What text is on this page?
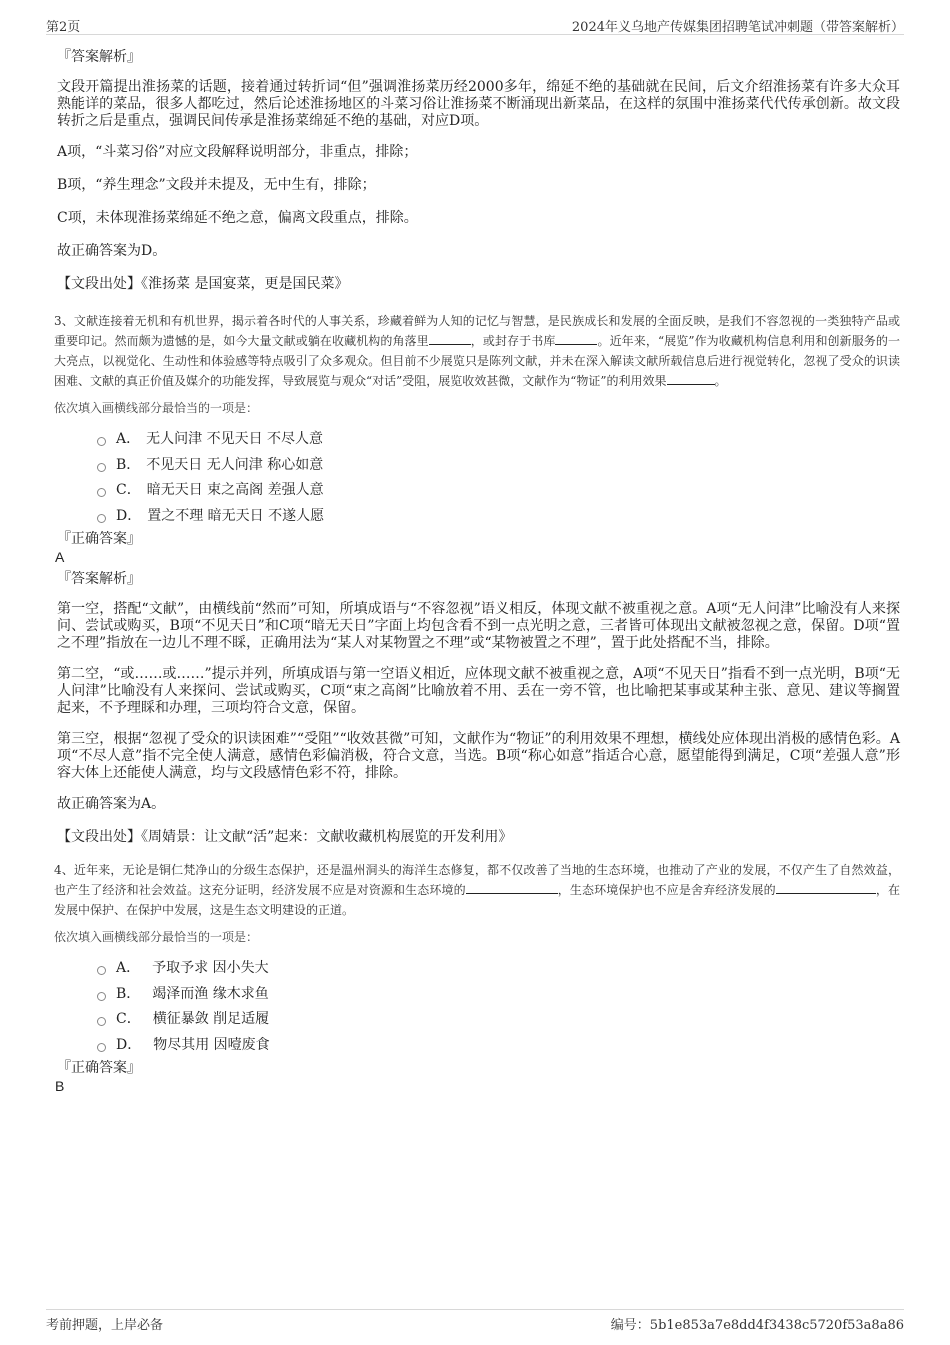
第2页	2024年义乌地产传媒集团招聘笔试冲刺题（带答案解析）

『答案解析』

文段开篇提出淮扬菜的话题，接着通过转折词“但”强调淮扬菜历经2000多年，绵延不绝的基础就在民间，后文介绍淮扬菜有许多大众耳熟能详的菜品，很多人都吃过，然后论述淮扬地区的斗菜习俗让淮扬菜不断涌现出新菜品，在这样的氛围中淮扬菜代代传承创新。故文段转折之后是重点，强调民间传承是淮扬菜绵延不绝的基础，对应D项。

A项，“斗菜习俗”对应文段解释说明部分，非重点，排除；

B项，“养生理念”文段并未提及，无中生有，排除；

C项，未体现淮扬菜绵延不绝之意，偏离文段重点，排除。

故正确答案为D。

【文段出处】《淮扬菜 是国宴菜，更是国民菜》

3、文献连接着无机和有机世界，揭示着各时代的人事关系，珍藏着鲜为人知的记忆与智慧，是民族成长和发展的全面反映，是我们不容忽视的一类独特产品或重要印记。然而颇为遗憾的是，如今大量文献或躺在收藏机构的角落里	，或封存于书库	。近年来，“展览”作为收藏机构信息利用和创新服务的一大亮点，以视觉化、生动性和体验感等特点吸引了众多观众。但目前不少展览只是陈列文献，并未在深入解读文献所载信息后进行视觉转化，忽视了受众的识读困难、文献的真正价值及媒介的功能发挥，导致展览与观众“对话”受阻，展览收效甚微，文献作为“物证”的利用效果	。

依次填入画横线部分最恰当的一项是：

A． 无人问津 不见天日 不尽人意
B． 不见天日 无人问津 称心如意
C． 暗无天日 束之高阁 差强人意
D． 置之不理 暗无天日 不遂人愿

『正确答案』

A

『答案解析』

第一空，搭配“文献”，由横线前“然而”可知，所填成语与“不容忽视”语义相反，体现文献不被重视之意。A项“无人问津”比喻没有人来探问、尝试或购买，B项“不见天日”和C项“暗无天日”字面上均包含看不到一点光明之意，三者皆可体现出文献被忽视之意，保留。D项“置之不理”指放在一边儿不理不睬，正确用法为“某人对某物置之不理”或“某物被置之不理”，置于此处搭配不当，排除。

第二空，“或……或……”提示并列，所填成语与第一空语义相近，应体现文献不被重视之意，A项“不见天日”指看不到一点光明，B项“无人问津”比喻没有人来探问、尝试或购买，C项“束之高阁”比喻放着不用、丢在一旁不管，也比喻把某事或某种主张、意见、建议等搁置起来，不予理睬和办理，三项均符合文意，保留。

第三空，根据“忽视了受众的识读困难”“受阻”“收效甚微”可知，文献作为“物证”的利用效果不理想，横线处应体现出消极的感情色彩。A项“不尽人意”指不完全使人满意，感情色彩偏消极，符合文意，当选。B项“称心如意”指适合心意，愿望能得到满足，C项“差强人意”形容大体上还能使人满意，均与文段感情色彩不符，排除。

故正确答案为A。

【文段出处】《周婧景：让文献“活”起来：文献收藏机构展览的开发利用》

4、近年来，无论是铜仁梵净山的分级生态保护，还是温州洞头的海洋生态修复，都不仅改善了当地的生态环境，也推动了产业的发展，不仅产生了自然效益，也产生了经济和社会效益。这充分证明，经济发展不应是对资源和生态环境的	，生态环境保护也不应是舍弃经济发展的	，在发展中保护、在保护中发展，这是生态文明建设的正道。

依次填入画横线部分最恰当的一项是：

A． 予取予求 因小失大
B． 竭泽而渔 缘木求鱼
C． 横征暴敛 削足适履
D． 物尽其用 因噎废食

『正确答案』

B

考前押题，上岸必备	编号：5b1e853a7e8dd4f3438c5720f53a8a86
